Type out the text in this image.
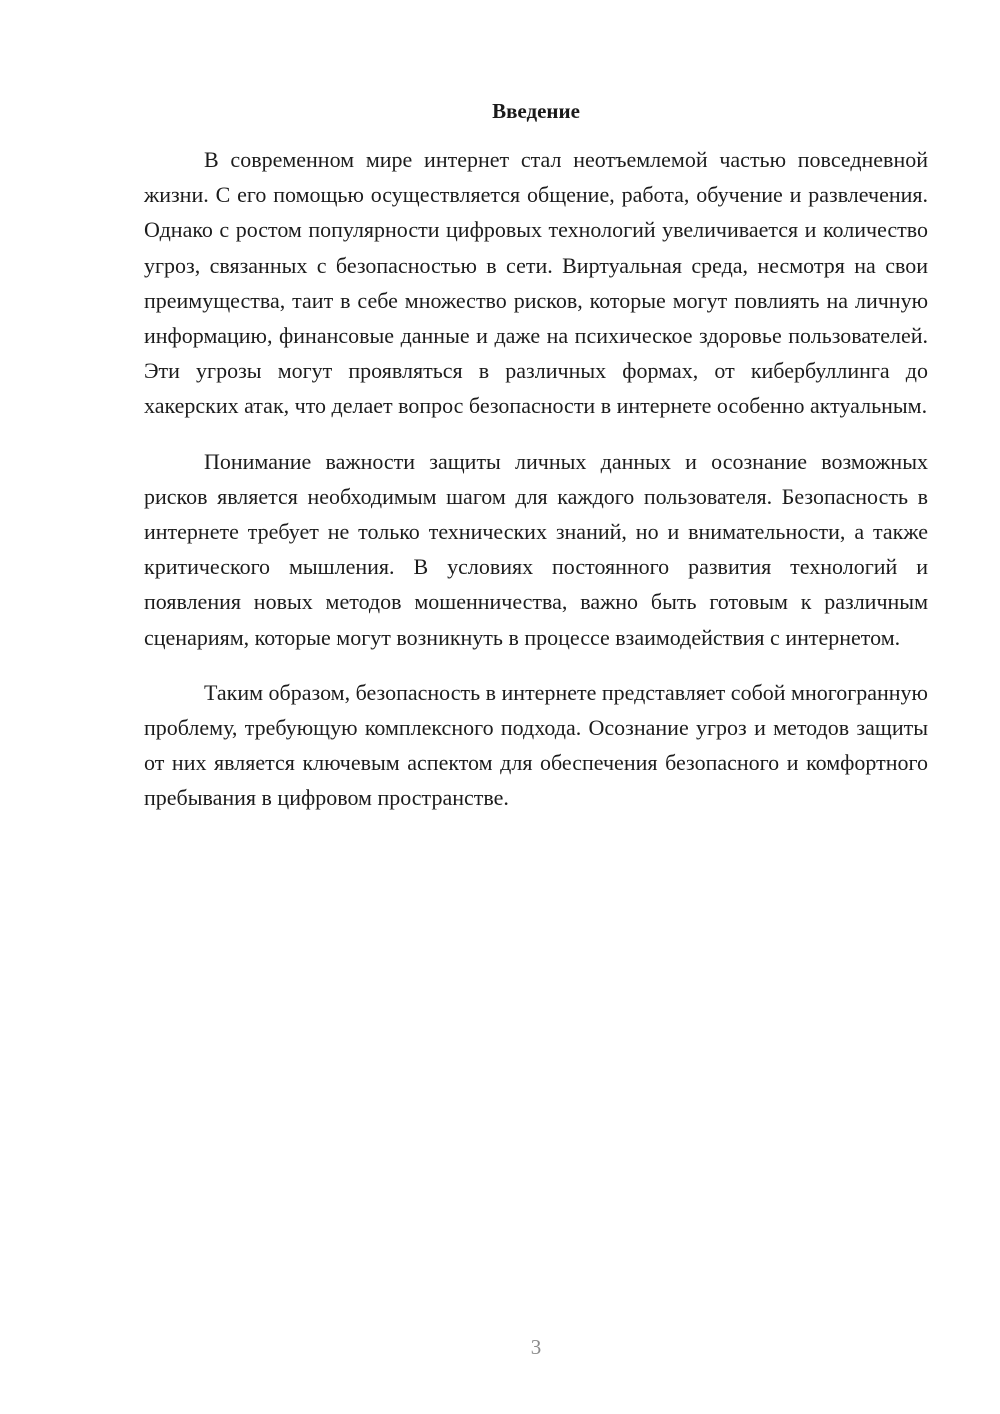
Введение

В современном мире интернет стал неотъемлемой частью повседневной жизни. С его помощью осуществляется общение, работа, обучение и развлечения. Однако с ростом популярности цифровых технологий увеличивается и количество угроз, связанных с безопасностью в сети. Виртуальная среда, несмотря на свои преимущества, таит в себе множество рисков, которые могут повлиять на личную информацию, финансовые данные и даже на психическое здоровье пользователей. Эти угрозы могут проявляться в различных формах, от кибербуллинга до хакерских атак, что делает вопрос безопасности в интернете особенно актуальным.

Понимание важности защиты личных данных и осознание возможных рисков является необходимым шагом для каждого пользователя. Безопасность в интернете требует не только технических знаний, но и внимательности, а также критического мышления. В условиях постоянного развития технологий и появления новых методов мошенничества, важно быть готовым к различным сценариям, которые могут возникнуть в процессе взаимодействия с интернетом.

Таким образом, безопасность в интернете представляет собой многогранную проблему, требующую комплексного подхода. Осознание угроз и методов защиты от них является ключевым аспектом для обеспечения безопасного и комфортного пребывания в цифровом пространстве.

3
